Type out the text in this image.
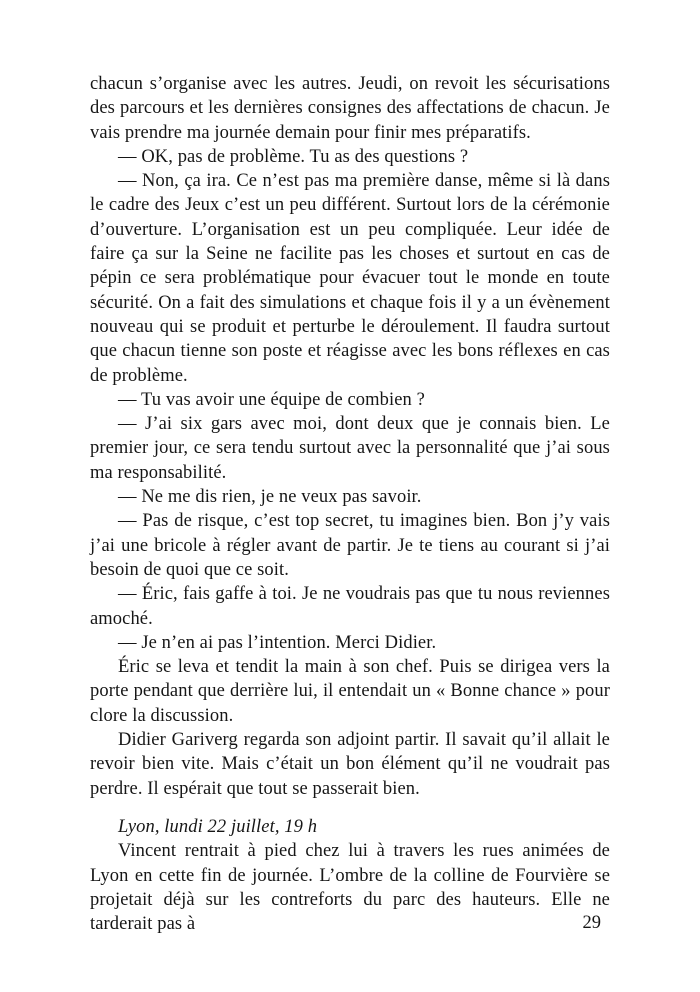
chacun s’organise avec les autres. Jeudi, on revoit les sécurisations des parcours et les dernières consignes des affectations de chacun. Je vais prendre ma journée demain pour finir mes préparatifs.

— OK, pas de problème. Tu as des questions ?

— Non, ça ira. Ce n’est pas ma première danse, même si là dans le cadre des Jeux c’est un peu différent. Surtout lors de la cérémonie d’ouverture. L’organisation est un peu compliquée. Leur idée de faire ça sur la Seine ne facilite pas les choses et surtout en cas de pépin ce sera problématique pour évacuer tout le monde en toute sécurité. On a fait des simulations et chaque fois il y a un évènement nouveau qui se produit et perturbe le déroulement. Il faudra surtout que chacun tienne son poste et réagisse avec les bons réflexes en cas de problème.

— Tu vas avoir une équipe de combien ?

— J’ai six gars avec moi, dont deux que je connais bien. Le premier jour, ce sera tendu surtout avec la personnalité que j’ai sous ma responsabilité.

— Ne me dis rien, je ne veux pas savoir.

— Pas de risque, c’est top secret, tu imagines bien. Bon j’y vais j’ai une bricole à régler avant de partir. Je te tiens au courant si j’ai besoin de quoi que ce soit.

— Éric, fais gaffe à toi. Je ne voudrais pas que tu nous reviennes amoché.

— Je n’en ai pas l’intention. Merci Didier.

Éric se leva et tendit la main à son chef. Puis se dirigea vers la porte pendant que derrière lui, il entendait un « Bonne chance » pour clore la discussion.

Didier Gariverg regarda son adjoint partir. Il savait qu’il allait le revoir bien vite. Mais c’était un bon élément qu’il ne voudrait pas perdre. Il espérait que tout se passerait bien.

Lyon, lundi 22 juillet, 19 h

Vincent rentrait à pied chez lui à travers les rues animées de Lyon en cette fin de journée. L’ombre de la colline de Fourvière se projetait déjà sur les contreforts du parc des hauteurs. Elle ne tarderait pas à	29
